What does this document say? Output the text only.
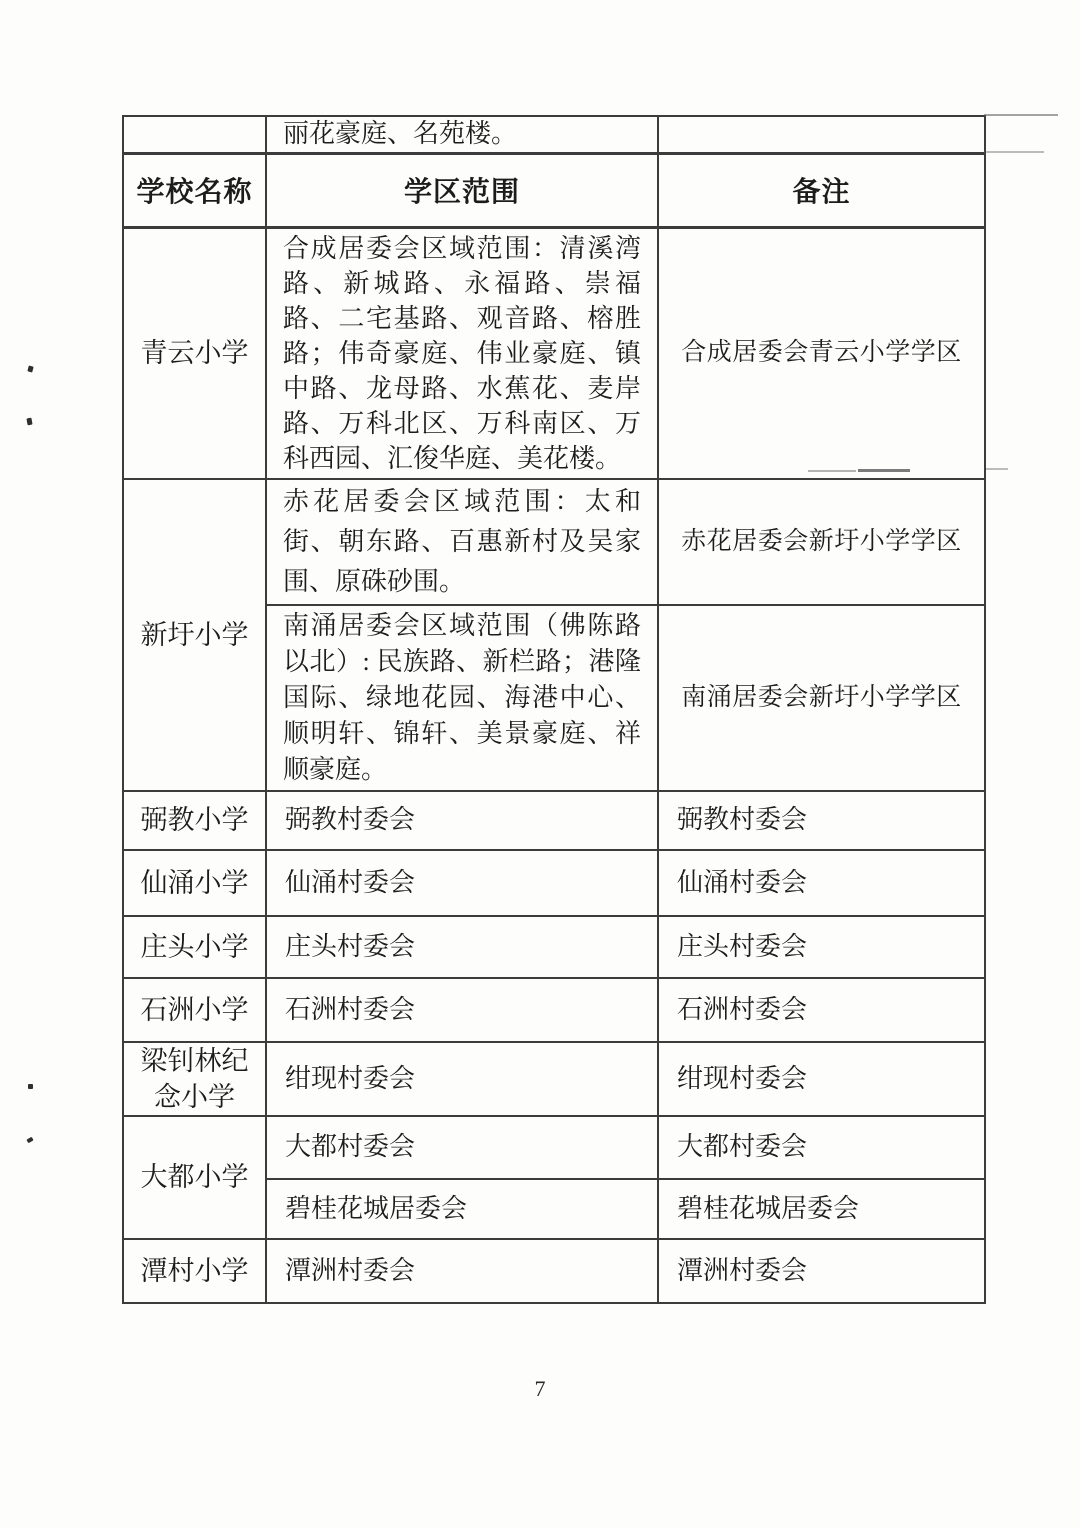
	丽花豪庭、名苑楼。	
学校名称	学区范围	备注
青云小学	合成居委会区域范围：清溪湾路、新城路、永福路、崇福路、二宅基路、观音路、榕胜路；伟奇豪庭、伟业豪庭、镇中路、龙母路、水蕉花、麦岸路、万科北区、万科南区、万科西园、汇俊华庭、美花楼。	合成居委会青云小学学区
新圩小学	赤花居委会区域范围：太和街、朝东路、百惠新村及吴家围、原硃砂围。	赤花居委会新圩小学学区
	南涌居委会区域范围（佛陈路以北）: 民族路、新栏路；港隆国际、绿地花园、海港中心、顺明轩、锦轩、美景豪庭、祥顺豪庭。	南涌居委会新圩小学学区
弼教小学	弼教村委会	弼教村委会
仙涌小学	仙涌村委会	仙涌村委会
庄头小学	庄头村委会	庄头村委会
石洲小学	石洲村委会	石洲村委会
梁钊林纪念小学	绀现村委会	绀现村委会
大都小学	大都村委会	大都村委会
	碧桂花城居委会	碧桂花城居委会
潭村小学	潭洲村委会	潭洲村委会
7
